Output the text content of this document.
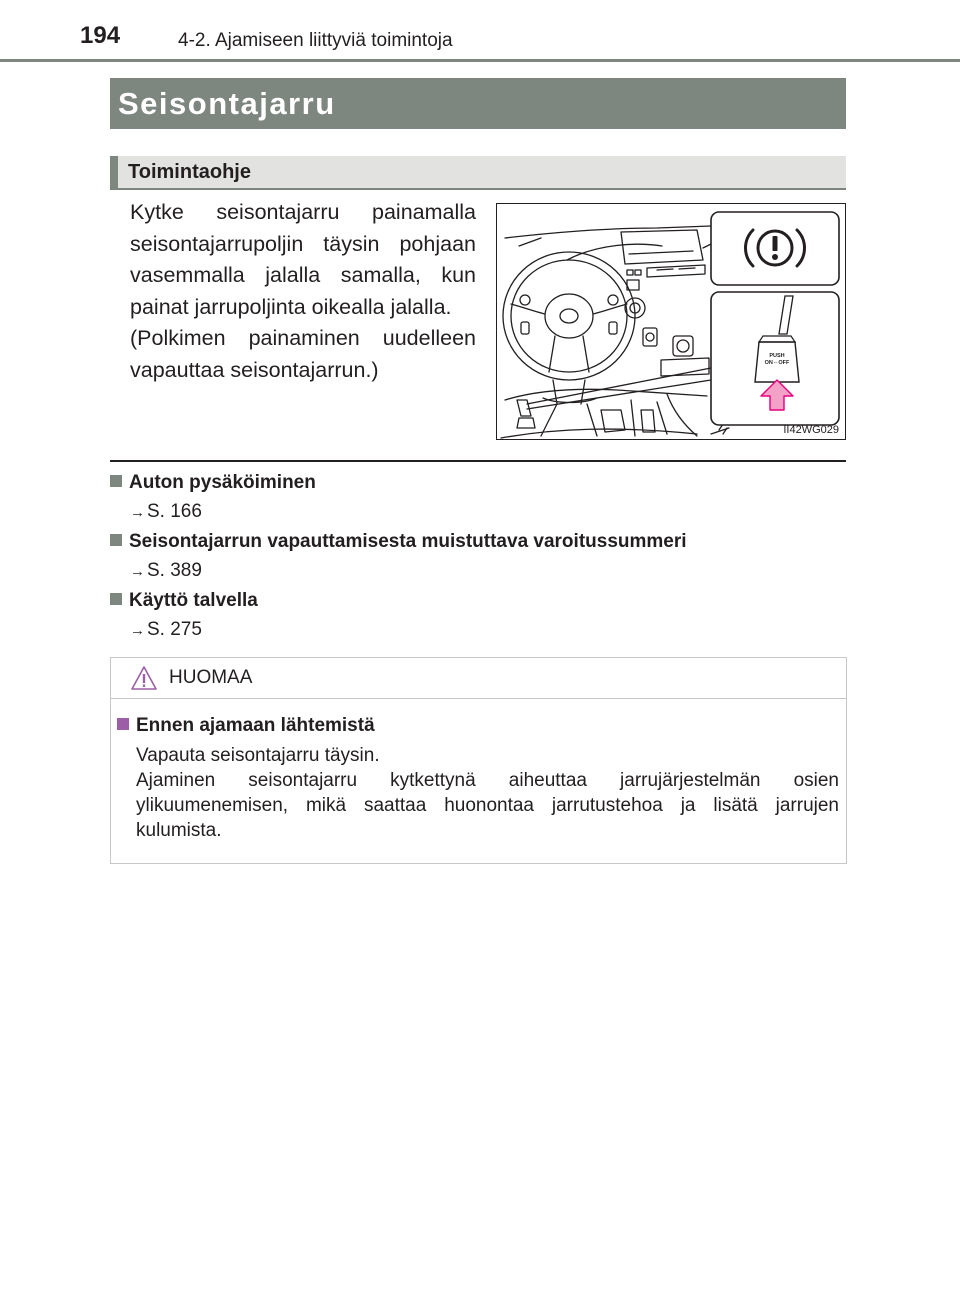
194	4-2. Ajamiseen liittyviä toimintoja
Seisontajarru
Toimintaohje

Kytke seisontajarru painamalla seisontajarrupoljin täysin pohjaan vasemmalla jalalla samalla, kun painat jarrupoljinta oikealla jalalla.

(Polkimen painaminen uudelleen vapauttaa seisontajarrun.)

PUSH
ON⇔OFF
II42WG029
Auton pysäköiminen
→ S. 166
Seisontajarrun vapauttamisesta muistuttava varoitussummeri
→ S. 389
Käyttö talvella
→ S. 275
HUOMAA
Ennen ajamaan lähtemistä

Vapauta seisontajarru täysin.

Ajaminen seisontajarru kytkettynä aiheuttaa jarrujärjestelmän osien ylikuumenemisen, mikä saattaa huonontaa jarrutustehoa ja lisätä jarrujen kulumista.
